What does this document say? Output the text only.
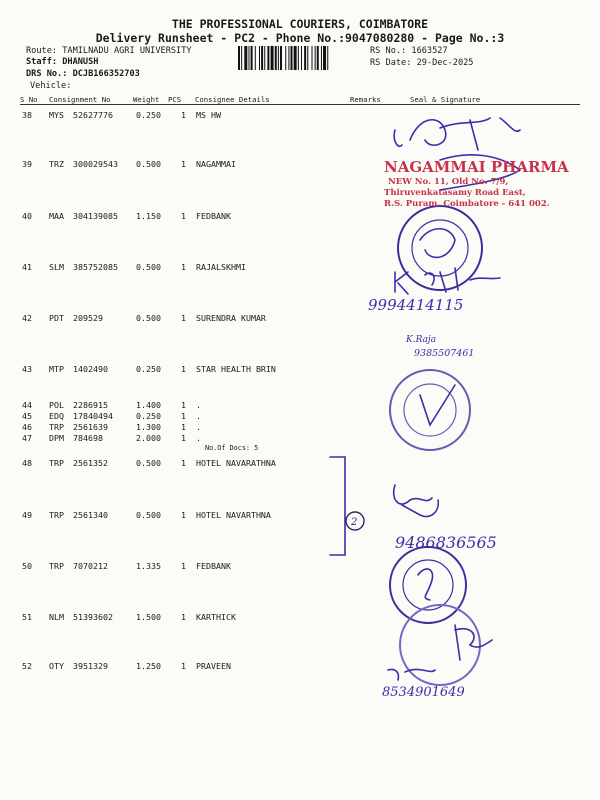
THE PROFESSIONAL COURIERS, COIMBATORE
Delivery Runsheet - PC2 - Phone No.:9047080280 - Page No.:3
Route: TAMILNADU AGRI UNIVERSITY
Staff: DHANUSH
DRS No.: DCJB166352703
Vehicle:
RS No.: 1663527
RS Date: 29-Dec-2025
S No Consignment No	Weight PCS Consignee Details	Remarks	Seal & Signature
38 MYS 52627776	0.250 1 MS HW
39 TRZ 300029543 0.500 1 NAGAMMAI
40 MAA 304139085 1.150 1 FEDBANK
41 SLM 385752085 0.500 1 RAJALSKHMI
42 PDT 209529	0.500 1 SURENDRA KUMAR
43 MTP 1402490	0.250 1 STAR HEALTH BRIN
44 POL 2286915	1.400 1 .
45 EDQ 17840494	0.250 1 .
46 TRP 2561639	1.300 1 .
47 DPM 784698	2.000 1 .
48 TRP 2561352	0.500 1 HOTEL NAVARATHNA
49 TRP 2561340	0.500 1 HOTEL NAVARTHNA
50 TRP 7070212	1.335 1 FEDBANK
51 NLM 51393602	1.500 1 KARTHICK
52 OTY 3951329	1.250 1 PRAVEEN
No.Of Docs: 5
NAGAMMAI PHARMA
NEW No. 11, Old No. 7/9,
Thiruvenkatasamy Road East,
R.S. Puram, Coimbatore - 641 002.
9994414115
K.Raja
9385507461
9486836565
8534901649
2
